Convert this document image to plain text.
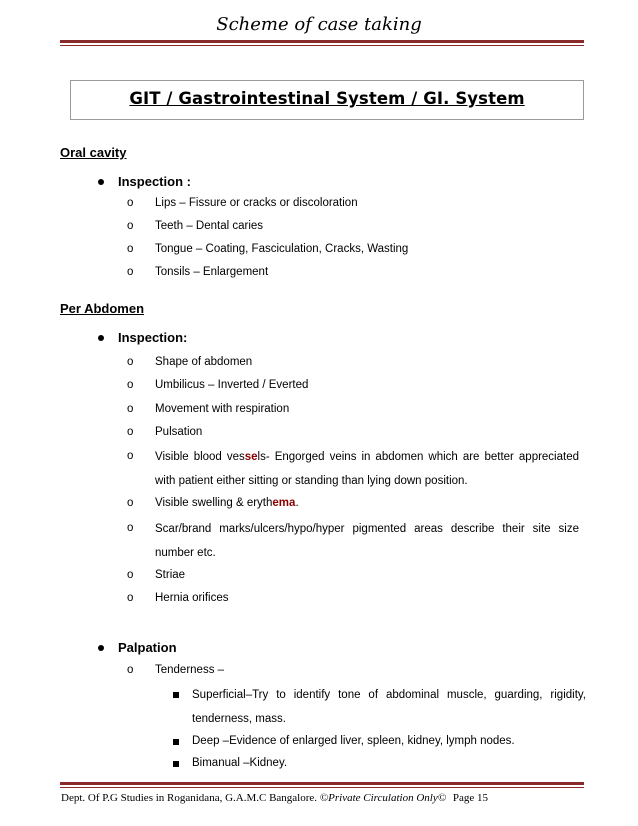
Scheme of case taking
GIT / Gastrointestinal System / GI. System
Oral cavity
Inspection :
o Lips – Fissure or cracks or discoloration
o Teeth – Dental caries
o Tongue – Coating, Fasciculation, Cracks, Wasting
o Tonsils – Enlargement
Per Abdomen
Inspection:
o Shape of abdomen
o Umbilicus – Inverted / Everted
o Movement with respiration
o Pulsation
o Visible blood vessels- Engorged veins in abdomen which are better appreciated with patient either sitting or standing than lying down position.
o Visible swelling & erythema.
o Scar/brand marks/ulcers/hypo/hyper pigmented areas describe their site size number etc.
o Striae
o Hernia orifices
Palpation
o Tenderness –
Superficial–Try to identify tone of abdominal muscle, guarding, rigidity, tenderness, mass.
Deep –Evidence of enlarged liver, spleen, kidney, lymph nodes.
Bimanual –Kidney.
Dept. Of P.G Studies in Roganidana, G.A.M.C Bangalore. ©Private Circulation Only© Page 15
